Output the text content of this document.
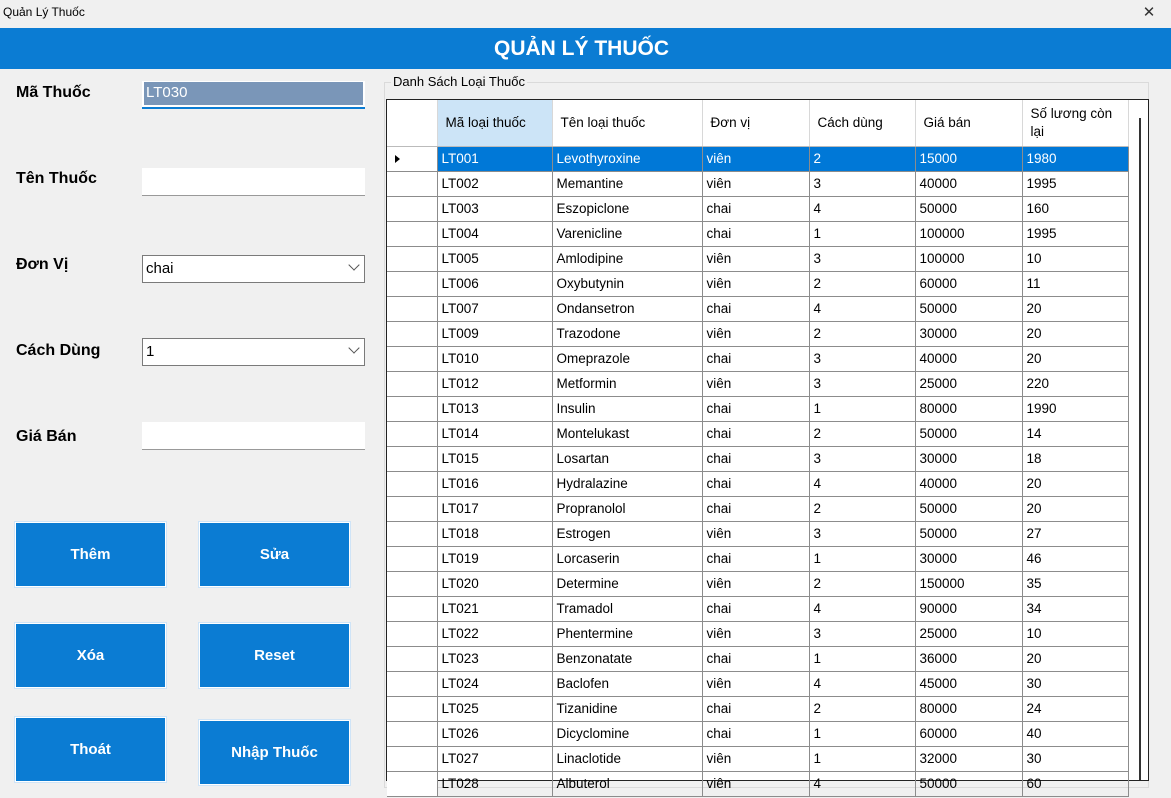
Quản Lý Thuốc	✕
QUẢN LÝ THUỐC
Mã Thuốc	LT030
Tên Thuốc
Đơn Vị	chai
Cách Dùng	1
Giá Bán
Thêm	Sửa
Xóa	Reset
Thoát	Nhập Thuốc
Danh Sách Loại Thuốc
	Mã loại thuốc	Tên loại thuốc	Đơn vị	Cách dùng	Giá bán	Số lương còn lại

	LT001	Levothyroxine	viên	2	15000	1980
	LT002	Memantine	viên	3	40000	1995
	LT003	Eszopiclone	chai	4	50000	160
	LT004	Varenicline	chai	1	100000	1995
	LT005	Amlodipine	viên	3	100000	10
	LT006	Oxybutynin	viên	2	60000	11
	LT007	Ondansetron	chai	4	50000	20
	LT009	Trazodone	viên	2	30000	20
	LT010	Omeprazole	chai	3	40000	20
	LT012	Metformin	viên	3	25000	220
	LT013	Insulin	chai	1	80000	1990
	LT014	Montelukast	chai	2	50000	14
	LT015	Losartan	chai	3	30000	18
	LT016	Hydralazine	chai	4	40000	20
	LT017	Propranolol	chai	2	50000	20
	LT018	Estrogen	viên	3	50000	27
	LT019	Lorcaserin	chai	1	30000	46
	LT020	Determine	viên	2	150000	35
	LT021	Tramadol	chai	4	90000	34
	LT022	Phentermine	viên	3	25000	10
	LT023	Benzonatate	chai	1	36000	20
	LT024	Baclofen	viên	4	45000	30
	LT025	Tizanidine	chai	2	80000	24
	LT026	Dicyclomine	chai	1	60000	40
	LT027	Linaclotide	viên	1	32000	30
	LT028	Albuterol	viên	4	50000	60
